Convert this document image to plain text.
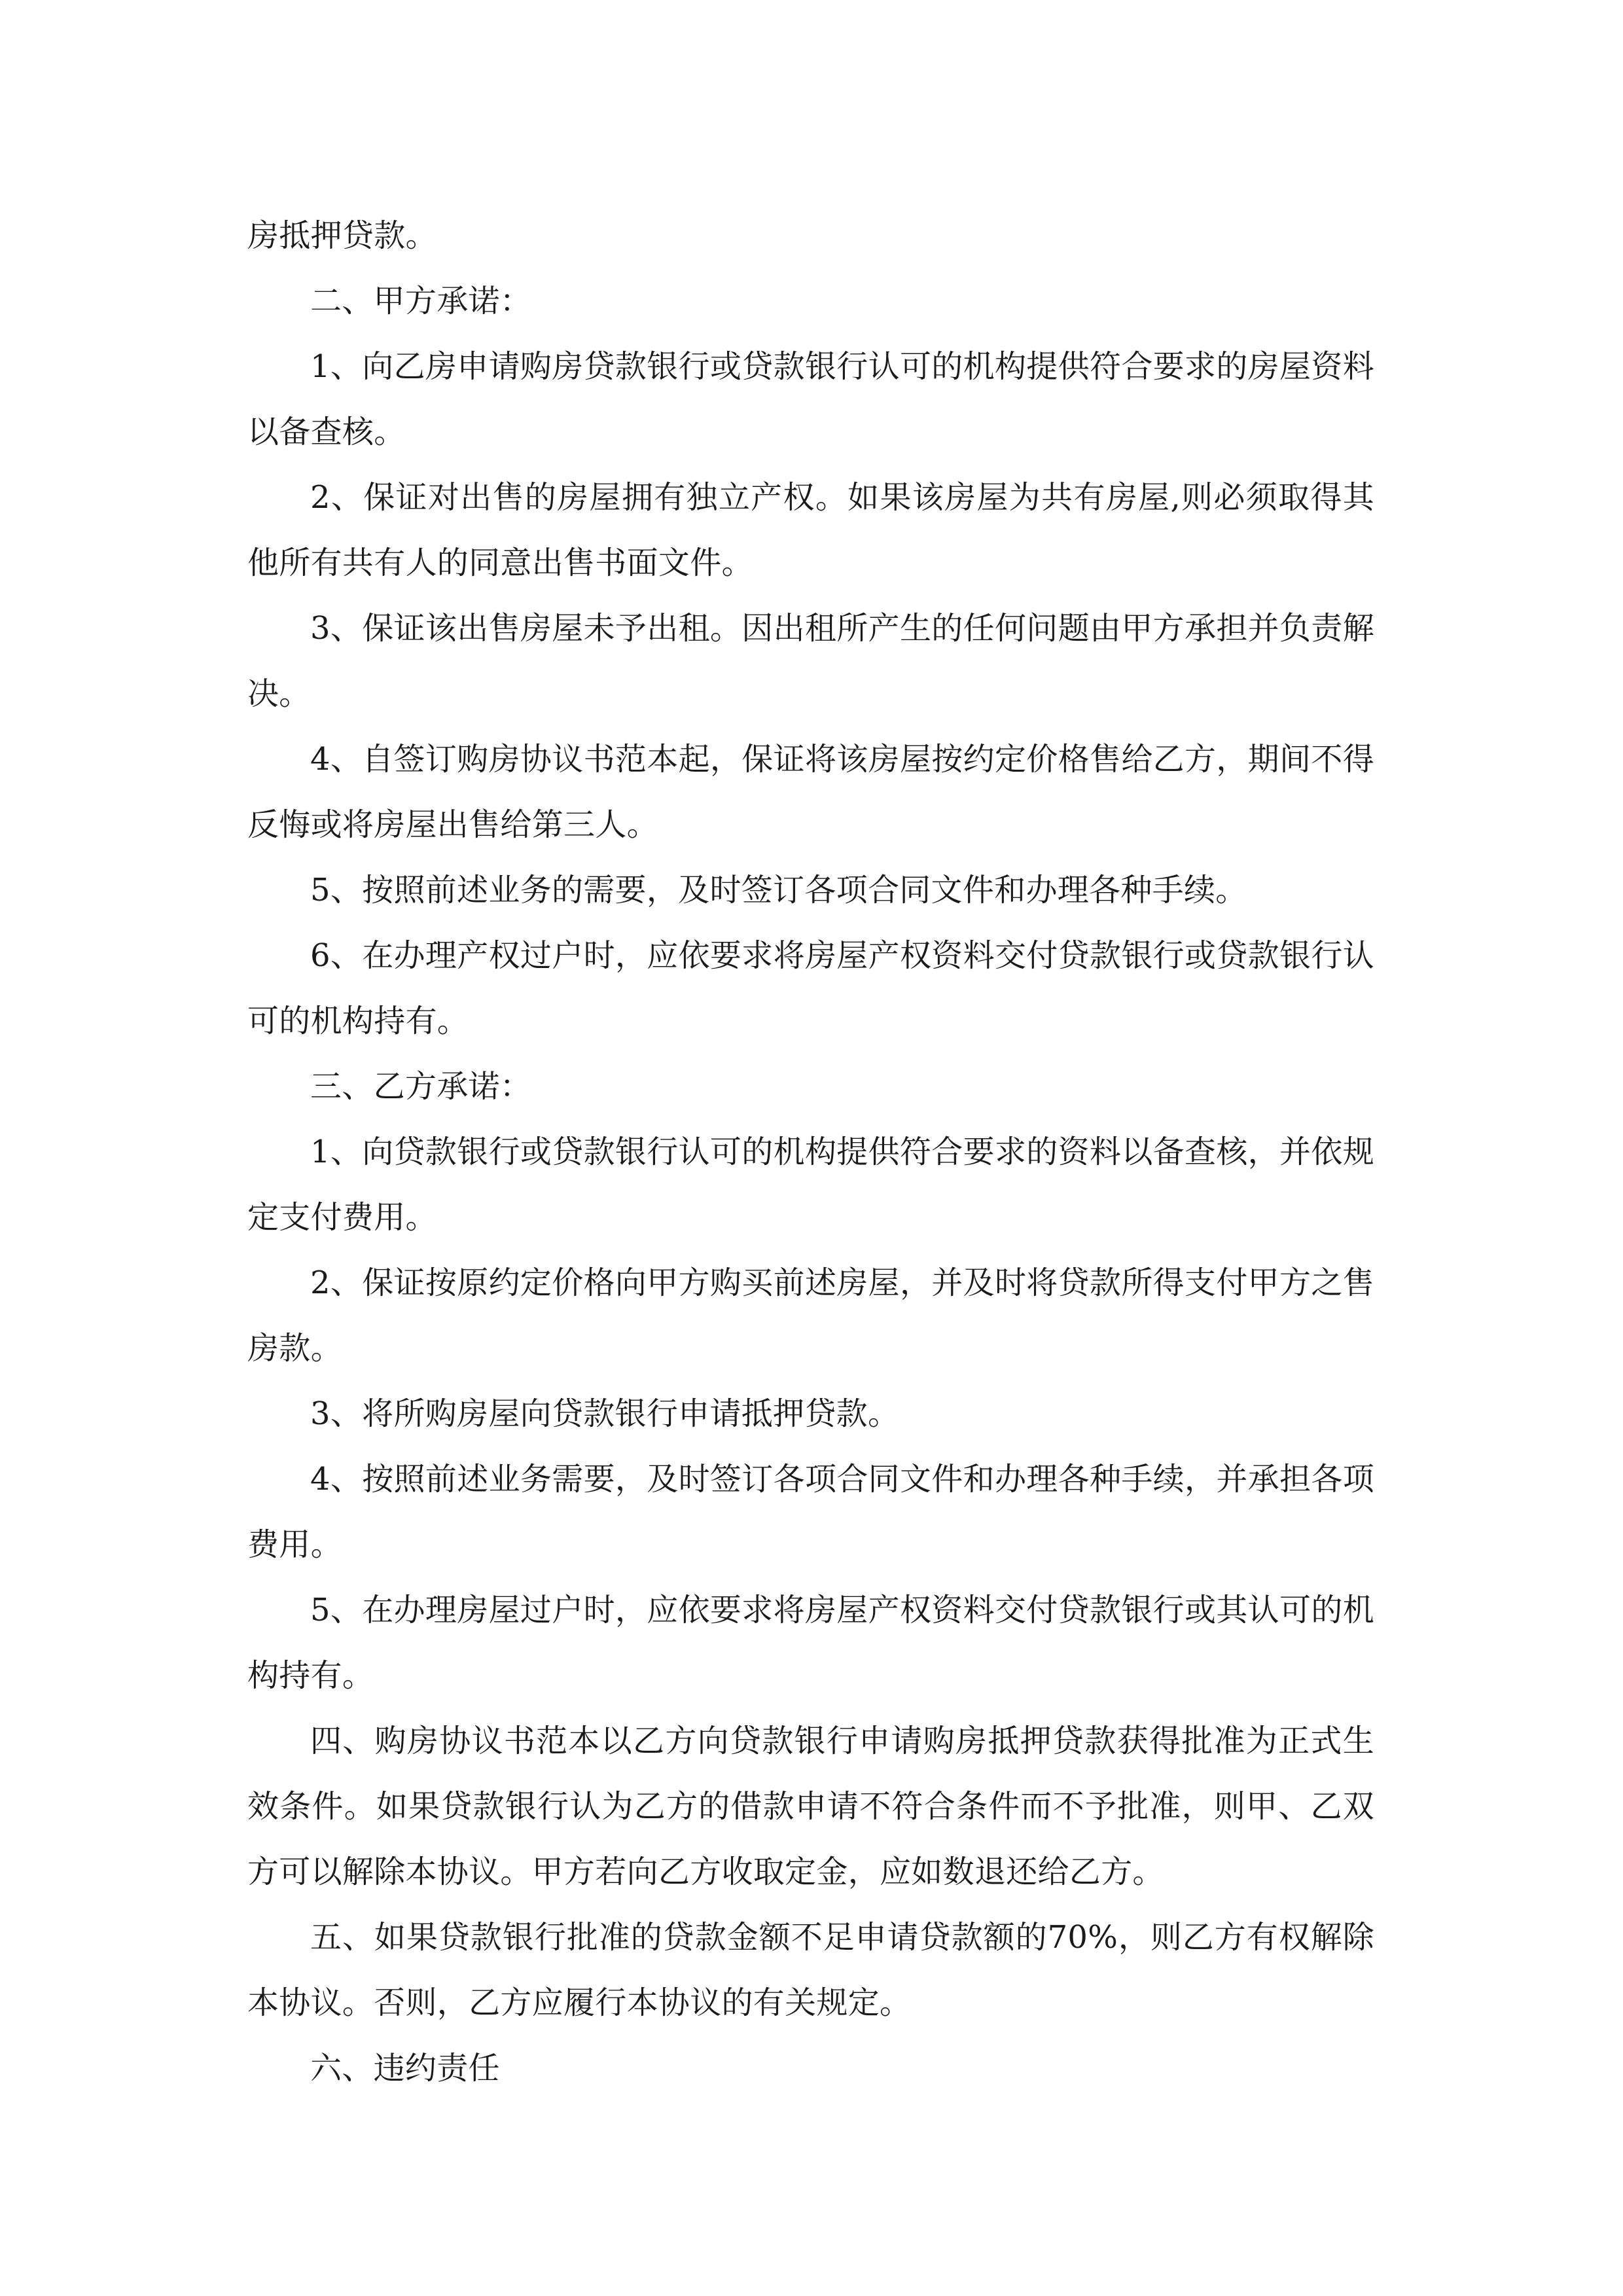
房抵押贷款。

二、甲方承诺：

1、向乙房申请购房贷款银行或贷款银行认可的机构提供符合要求的房屋资料以备查核。

2、保证对出售的房屋拥有独立产权。如果该房屋为共有房屋,则必须取得其他所有共有人的同意出售书面文件。

3、保证该出售房屋未予出租。因出租所产生的任何问题由甲方承担并负责解决。

4、自签订购房协议书范本起，保证将该房屋按约定价格售给乙方，期间不得反悔或将房屋出售给第三人。

5、按照前述业务的需要，及时签订各项合同文件和办理各种手续。

6、在办理产权过户时，应依要求将房屋产权资料交付贷款银行或贷款银行认可的机构持有。

三、乙方承诺：

1、向贷款银行或贷款银行认可的机构提供符合要求的资料以备查核，并依规定支付费用。

2、保证按原约定价格向甲方购买前述房屋，并及时将贷款所得支付甲方之售房款。

3、将所购房屋向贷款银行申请抵押贷款。

4、按照前述业务需要，及时签订各项合同文件和办理各种手续，并承担各项费用。

5、在办理房屋过户时，应依要求将房屋产权资料交付贷款银行或其认可的机构持有。

四、购房协议书范本以乙方向贷款银行申请购房抵押贷款获得批准为正式生效条件。如果贷款银行认为乙方的借款申请不符合条件而不予批准，则甲、乙双方可以解除本协议。甲方若向乙方收取定金，应如数退还给乙方。

五、如果贷款银行批准的贷款金额不足申请贷款额的70%，则乙方有权解除本协议。否则，乙方应履行本协议的有关规定。

六、违约责任
